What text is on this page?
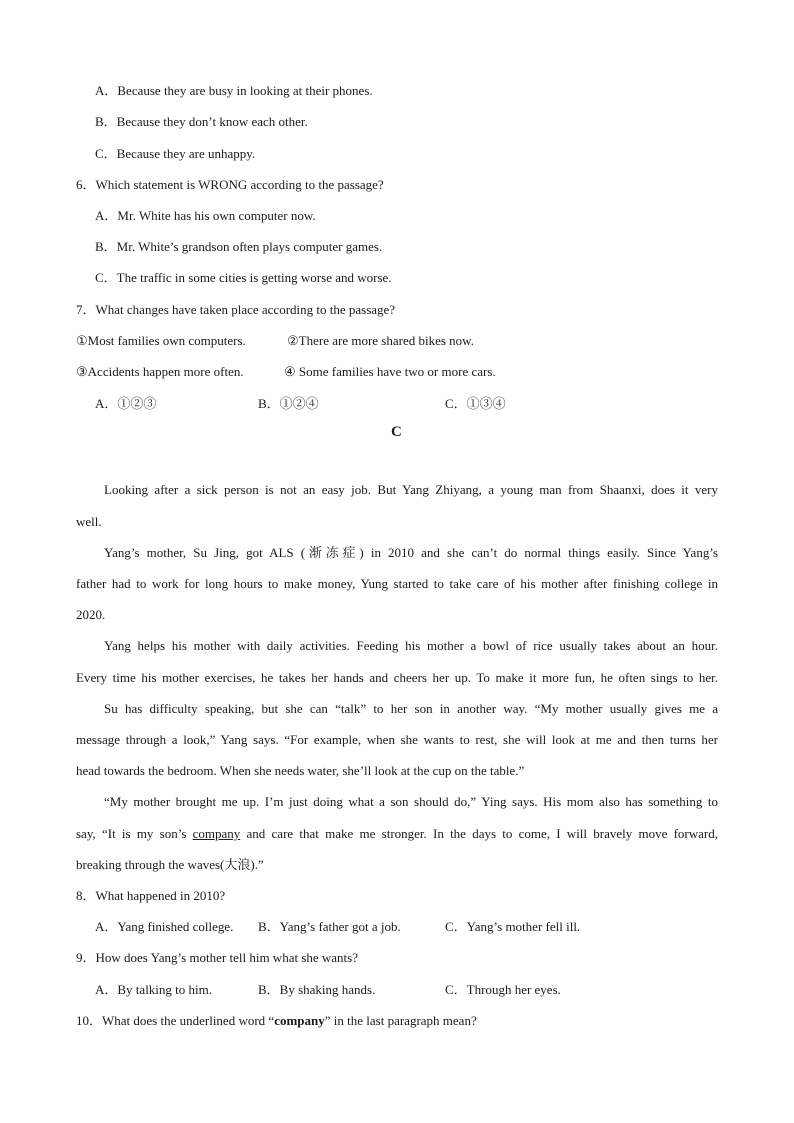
A．Because they are busy in looking at their phones.
B．Because they don’t know each other.
C．Because they are unhappy.
6．Which statement is WRONG according to the passage?
A．Mr. White has his own computer now.
B．Mr. White’s grandson often plays computer games.
C．The traffic in some cities is getting worse and worse.
7．What changes have taken place according to the passage?
①Most families own computers.	②There are more shared bikes now.
③Accidents happen more often.	④ Some families have two or more cars.
A．①②③	B．①②④	C．①③④
C
Looking after a sick person is not an easy job. But Yang Zhiyang, a young man from Shaanxi, does it very
well.
Yang’s mother, Su Jing, got ALS (渐冻症) in 2010 and she can’t do normal things easily. Since Yang’s
father had to work for long hours to make money, Yung started to take care of his mother after finishing college in
2020.
Yang helps his mother with daily activities. Feeding his mother a bowl of rice usually takes about an hour.
Every time his mother exercises, he takes her hands and cheers her up. To make it more fun, he often sings to her.
Su has difficulty speaking, but she can “talk” to her son in another way. “My mother usually gives me a
message through a look,” Yang says. “For example, when she wants to rest, she will look at me and then turns her
head towards the bedroom. When she needs water, she’ll look at the cup on the table.”
“My mother brought me up. I’m just doing what a son should do,” Ying says. His mom also has something to
say, “It is my son’s company and care that make me stronger. In the days to come, I will bravely move forward,
breaking through the waves(大浪).”
8．What happened in 2010?
A．Yang finished college. B．Yang’s father got a job.	C．Yang’s mother fell ill.
9．How does Yang’s mother tell him what she wants?
A．By talking to him.	B．By shaking hands.	C．Through her eyes.
10．What does the underlined word “company” in the last paragraph mean?
